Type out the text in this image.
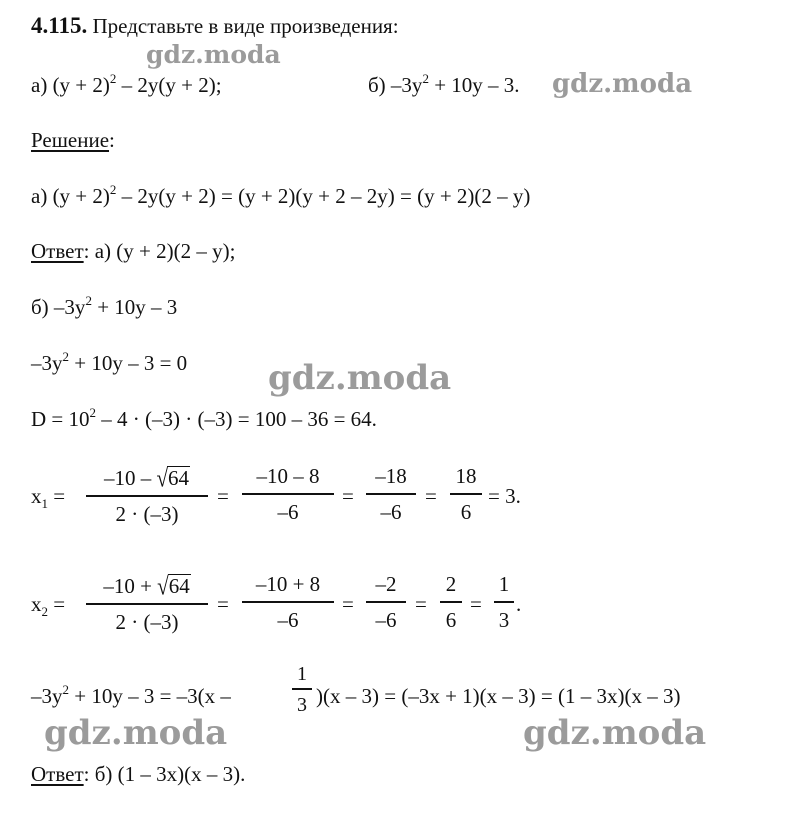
4.115. Представьте в виде произведения:
а) $(у + 2)^2 - 2у(у + 2)$;	б) $-3у^2 + 10у - 3$.
Решение:
а) $(у + 2)^2 - 2у(у + 2) = (у + 2)(у + 2 - 2у) = (у + 2)(2 - у)$
Ответ: а) (у + 2)(2 – у);
б) $-3у^2 + 10у - 3$
$-3у^2 + 10у - 3 = 0$
$D = 10^2 - 4 \cdot (-3) \cdot (-3) = 100 - 36 = 64$.
$x_1$ =
–10 – √64
2 · (–3)
=
–10 – 8
–6
=
–18
–6
=
18
6
= 3.
$x_2$ =
–10 + √64
2 · (–3)
=
–10 + 8
–6
=
–2
–6
=
2
6
=
1
3
.
$-3у^2 + 10у - 3 = -3(x$ –
1
3 )(x – 3) = (–3x + 1)(x – 3) = (1 – 3x)(x – 3)
Ответ: б) (1 – 3x)(x – 3).
gdz.moda
gdz.moda
gdz.moda
gdz.moda	gdz.moda
